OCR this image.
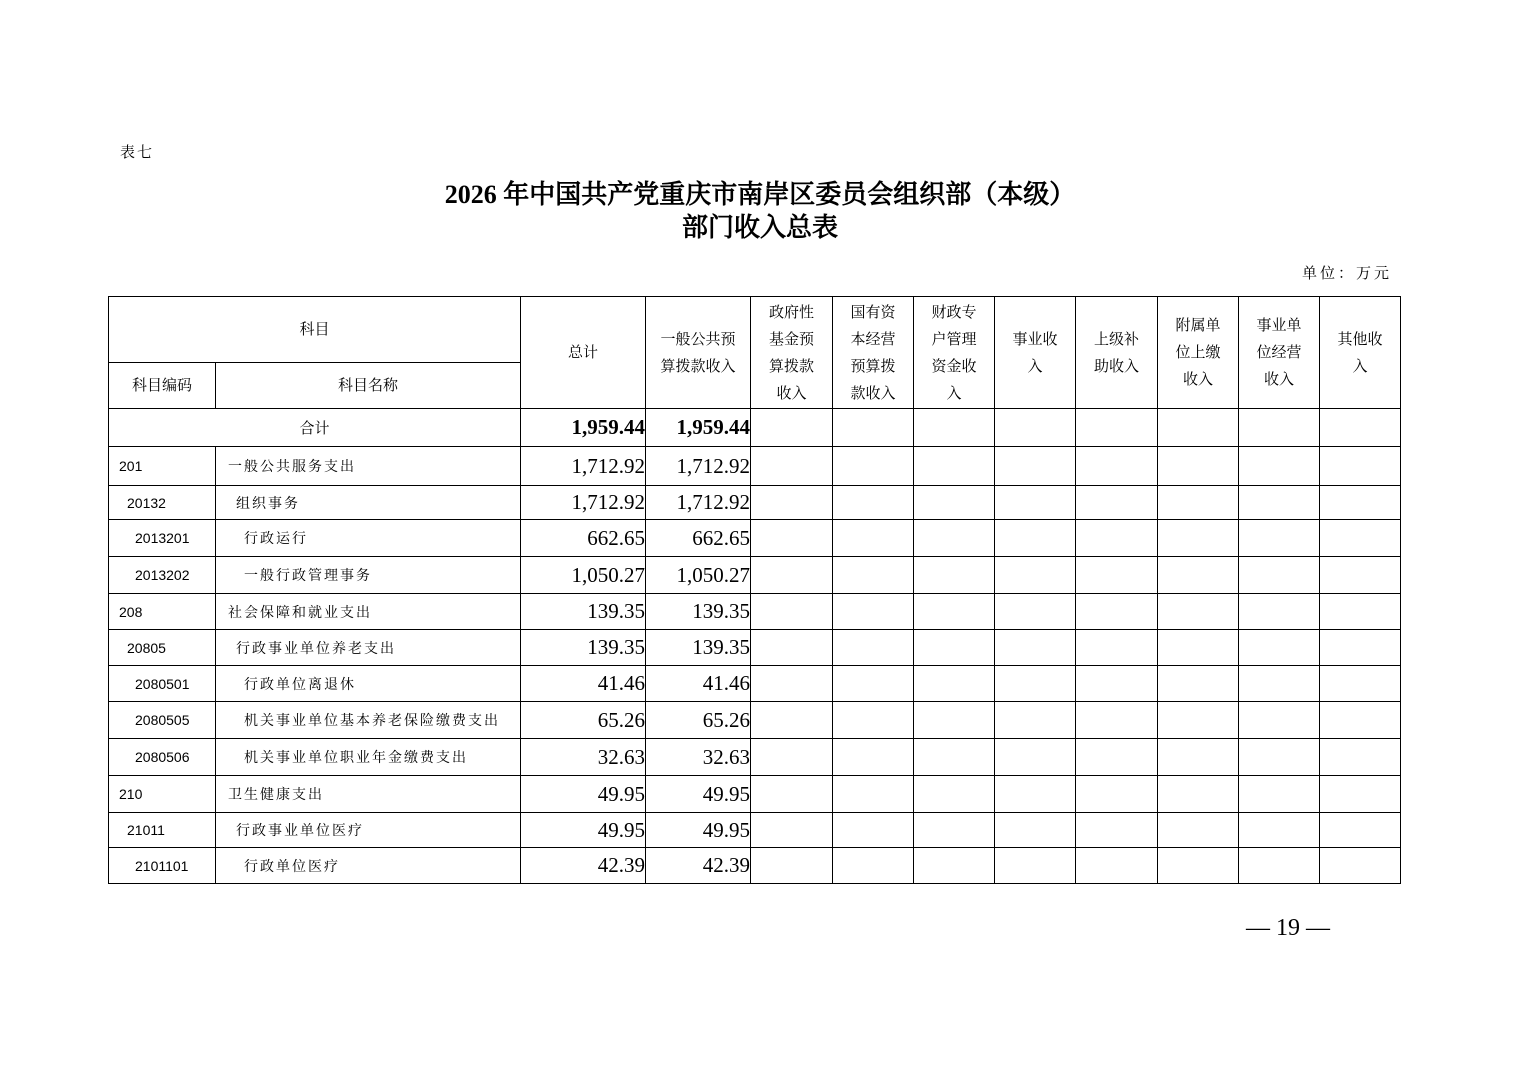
表七
2026 年中国共产党重庆市南岸区委员会组织部（本级）
部门收入总表
单位：万元
科目		总计	一般公共预算拨款收入	政府性基金预算拨款收入	国有资本经营预算拨款收入	财政专户管理资金收入	事业收入	上级补助收入	附属单位上缴收入	事业单位经营收入	其他收入
科目编码	科目名称										
合计		1,959.44	1,959.44								
201	一般公共服务支出	1,712.92	1,712.92								
20132	组织事务	1,712.92	1,712.92								
2013201	行政运行	662.65	662.65								
2013202	一般行政管理事务	1,050.27	1,050.27								
208	社会保障和就业支出	139.35	139.35								
20805	行政事业单位养老支出	139.35	139.35								
2080501	行政单位离退休	41.46	41.46								
2080505	机关事业单位基本养老保险缴费支出	65.26	65.26								
2080506	机关事业单位职业年金缴费支出	32.63	32.63								
210	卫生健康支出	49.95	49.95								
21011	行政事业单位医疗	49.95	49.95								
2101101	行政单位医疗	42.39	42.39								
— 19 —
